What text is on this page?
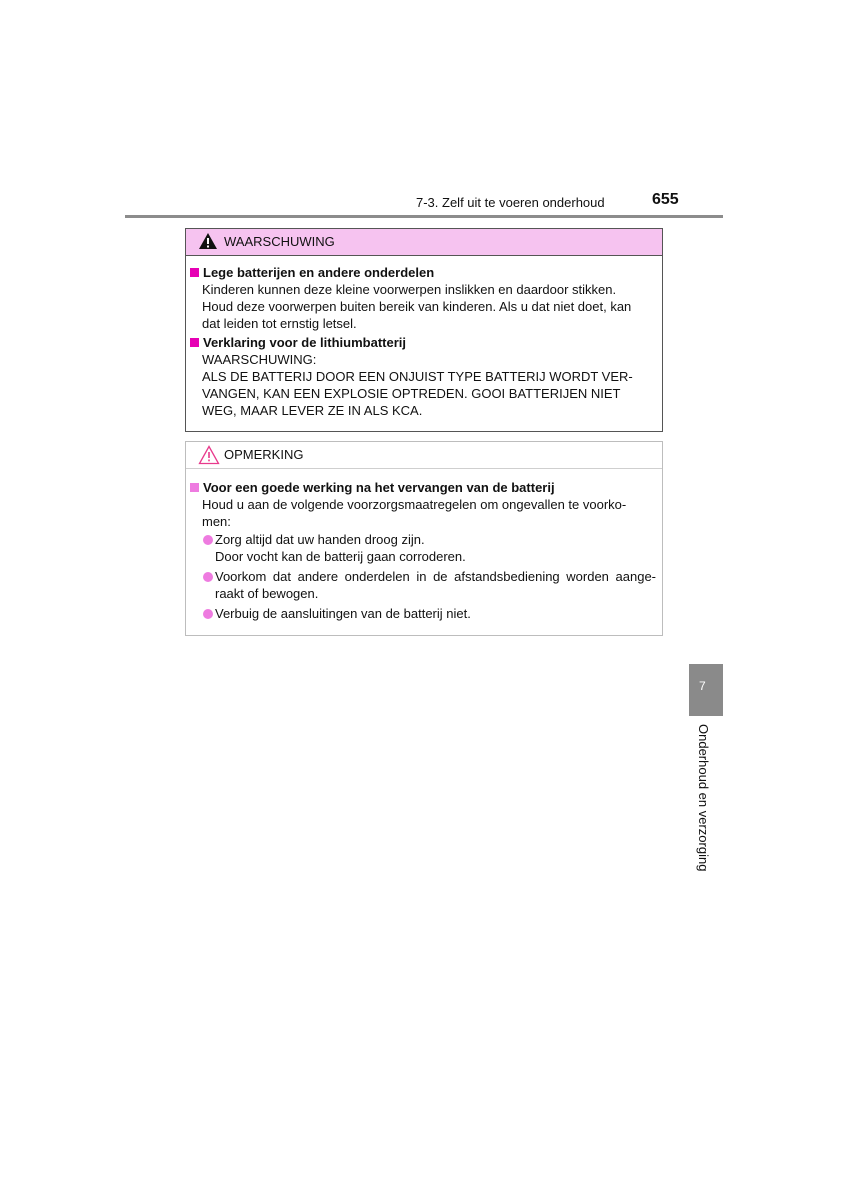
7-3. Zelf uit te voeren onderhoud	655
WAARSCHUWING
Lege batterijen en andere onderdelen
Kinderen kunnen deze kleine voorwerpen inslikken en daardoor stikken.
Houd deze voorwerpen buiten bereik van kinderen. Als u dat niet doet, kan
dat leiden tot ernstig letsel.
Verklaring voor de lithiumbatterij
WAARSCHUWING:
ALS DE BATTERIJ DOOR EEN ONJUIST TYPE BATTERIJ WORDT VER-
VANGEN, KAN EEN EXPLOSIE OPTREDEN. GOOI BATTERIJEN NIET
WEG, MAAR LEVER ZE IN ALS KCA.
OPMERKING
Voor een goede werking na het vervangen van de batterij
Houd u aan de volgende voorzorgsmaatregelen om ongevallen te voorko-
men:
Zorg altijd dat uw handen droog zijn.
Door vocht kan de batterij gaan corroderen.
Voorkom dat andere onderdelen in de afstandsbediening worden aange-
raakt of bewogen.
Verbuig de aansluitingen van de batterij niet.
7
Onderhoud en verzorging
